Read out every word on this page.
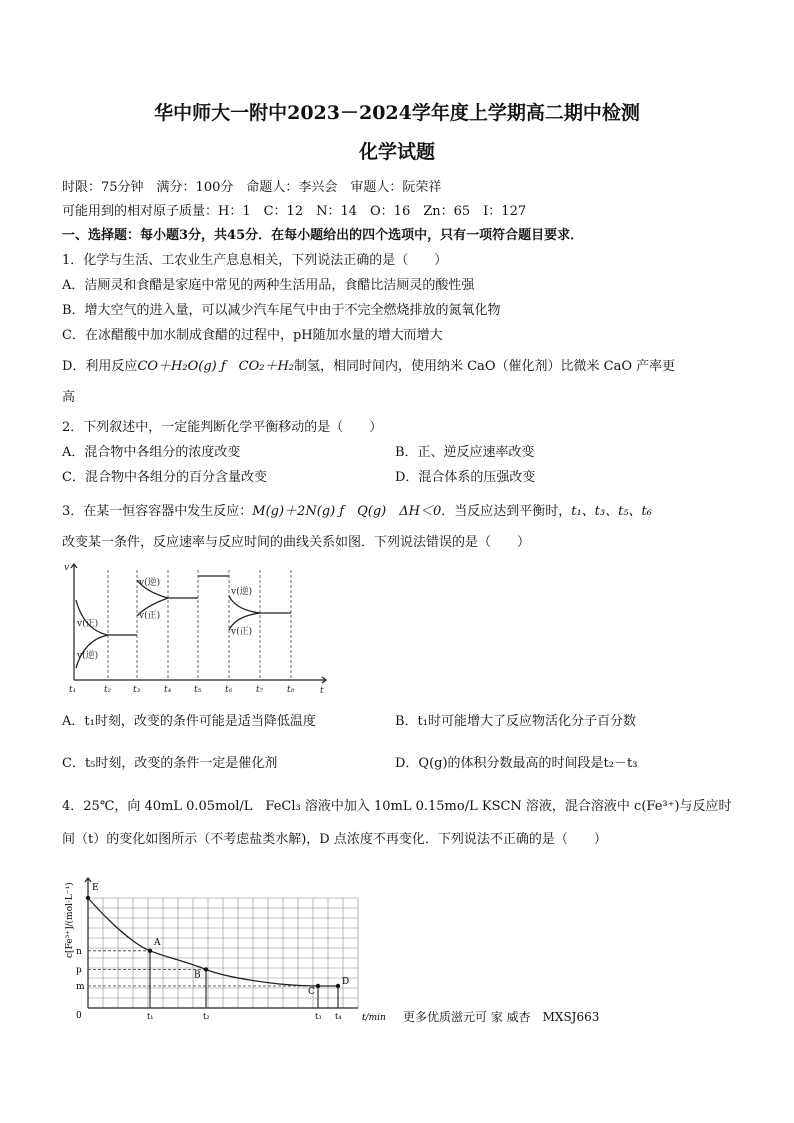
华中师大一附中2023－2024学年度上学期高二期中检测
化学试题
时限：75分钟　满分：100分　命题人：李兴会　审题人：阮荣祥
可能用到的相对原子质量：H：1　C：12　N：14　O：16　Zn：65　I：127
一、选择题：每小题3分，共45分．在每小题给出的四个选项中，只有一项符合题目要求．
1．化学与生活、工农业生产息息相关，下列说法正确的是（　　）
A．洁厕灵和食醋是家庭中常见的两种生活用品，食醋比洁厕灵的酸性强
B．增大空气的进入量，可以减少汽车尾气中由于不完全燃烧排放的氮氧化物
C．在冰醋酸中加水制成食醋的过程中，pH随加水量的增大而增大
D．利用反应CO＋H₂O(g) ƒ　CO₂＋H₂制氢，相同时间内，使用纳米 CaO（催化剂）比微米 CaO 产率更
高
2．下列叙述中，一定能判断化学平衡移动的是（　　）
A．混合物中各组分的浓度改变	B．正、逆反应速率改变
C．混合物中各组分的百分含量改变	D．混合体系的压强改变
3．在某一恒容容器中发生反应：M(g)＋2N(g) ƒ　Q(g)　ΔH＜0．当反应达到平衡时，t₁、t₃、t₅、t₆
改变某一条件，反应速率与反应时间的曲线关系如图．下列说法错误的是（　　）
v
t
v(正)
v(逆)
v(逆)
v(正)
v(逆)
v(正)
t₁	t₂ t₃	t₄	t₅	t₆	t₇	t₈
A．t₁时刻，改变的条件可能是适当降低温度	B．t₁时可能增大了反应物活化分子百分数
C．t₅时刻，改变的条件一定是催化剂	D．Q(g)的体积分数最高的时间段是t₂－t₃
4．25℃，向 40mL 0.05mol/L　FeCl₃ 溶液中加入 10mL 0.15mo/L KSCN 溶液，混合溶液中 c(Fe³⁺)与反应时
间（t）的变化如图所示（不考虑盐类水解)，D 点浓度不再变化．下列说法不正确的是（　　）
n
p
m
E
A
B
C
D
t₁	t₂	t₃ t₄
0	t/min
c[Fe³⁺]/(mol·L⁻¹)
更多优质滋元可 家 威杏　MXSJ663
